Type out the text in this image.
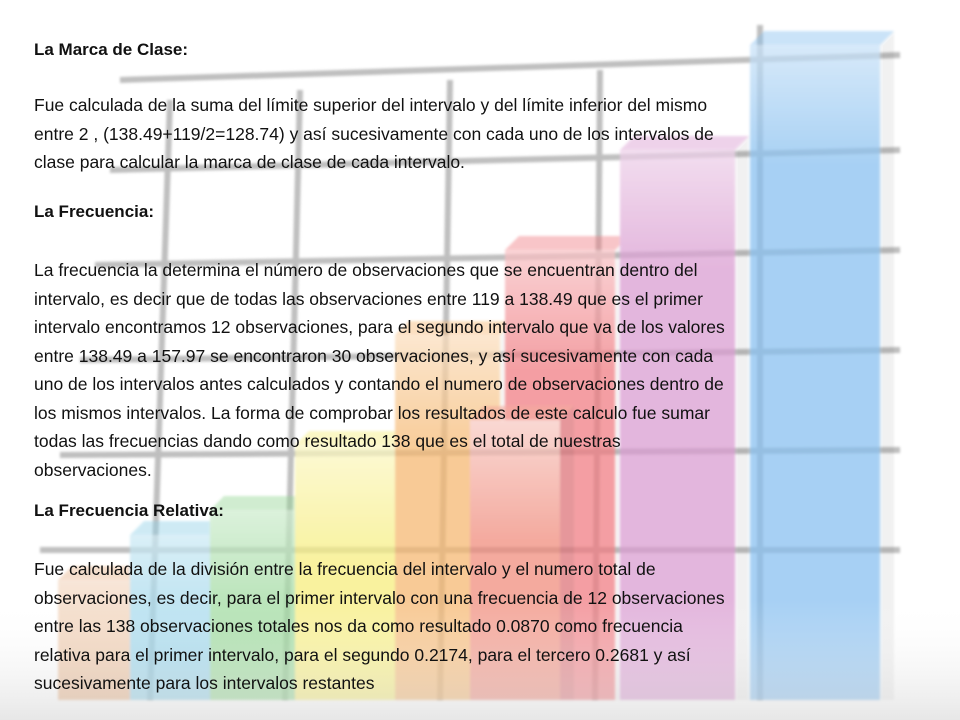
La Marca de Clase:

Fue calculada de la suma del límite superior del intervalo y del límite inferior del mismo
entre 2 , (138.49+119/2=128.74) y así sucesivamente con cada uno de los intervalos de
clase para calcular la marca de clase de cada intervalo.

La Frecuencia:

La frecuencia la determina el número de observaciones que se encuentran dentro del
intervalo, es decir que de todas las observaciones entre 119 a 138.49 que es el primer
intervalo encontramos 12 observaciones, para el segundo intervalo que va de los valores
entre 138.49 a 157.97 se encontraron 30 observaciones, y así sucesivamente con cada
uno de los intervalos antes calculados y contando el numero de observaciones dentro de
los mismos intervalos. La forma de comprobar los resultados de este calculo fue sumar
todas las frecuencias dando como resultado 138 que es el total de nuestras
observaciones.

La Frecuencia Relativa:

Fue calculada de la división entre la frecuencia del intervalo y el numero total de
observaciones, es decir, para el primer intervalo con una frecuencia de 12 observaciones
entre las 138 observaciones totales nos da como resultado 0.0870 como frecuencia
relativa para el primer intervalo, para el segundo 0.2174, para el tercero 0.2681 y así
sucesivamente para los intervalos restantes
